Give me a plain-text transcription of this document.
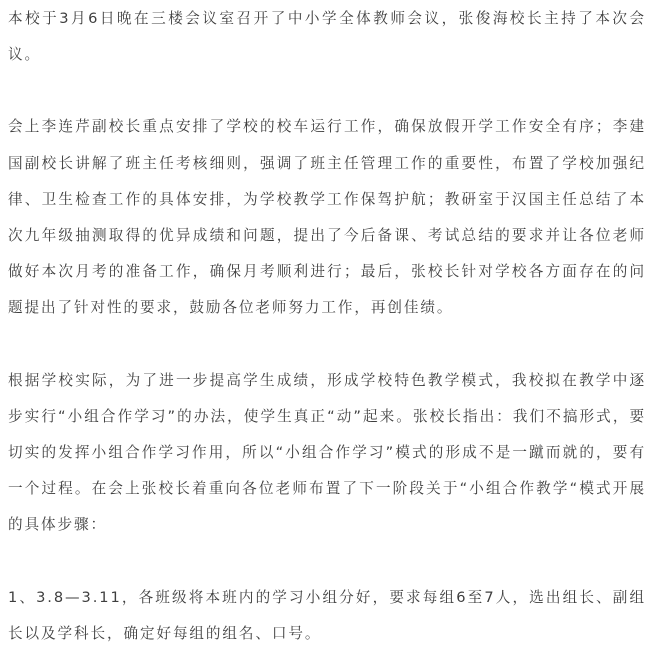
本校于3月6日晚在三楼会议室召开了中小学全体教师会议，张俊海校长主持了本次会议。

会上李连芹副校长重点安排了学校的校车运行工作，确保放假开学工作安全有序；李建国副校长讲解了班主任考核细则，强调了班主任管理工作的重要性，布置了学校加强纪律、卫生检查工作的具体安排，为学校教学工作保驾护航；教研室于汉国主任总结了本次九年级抽测取得的优异成绩和问题，提出了今后备课、考试总结的要求并让各位老师做好本次月考的准备工作，确保月考顺利进行；最后，张校长针对学校各方面存在的问题提出了针对性的要求，鼓励各位老师努力工作，再创佳绩。

根据学校实际，为了进一步提高学生成绩，形成学校特色教学模式，我校拟在教学中逐步实行“小组合作学习”的办法，使学生真正“动”起来。张校长指出：我们不搞形式，要切实的发挥小组合作学习作用，所以“小组合作学习”模式的形成不是一蹴而就的，要有一个过程。在会上张校长着重向各位老师布置了下一阶段关于“小组合作教学“模式开展的具体步骤：

1、3.8—3.11，各班级将本班内的学习小组分好，要求每组6至7人，选出组长、副组长以及学科长，确定好每组的组名、口号。
